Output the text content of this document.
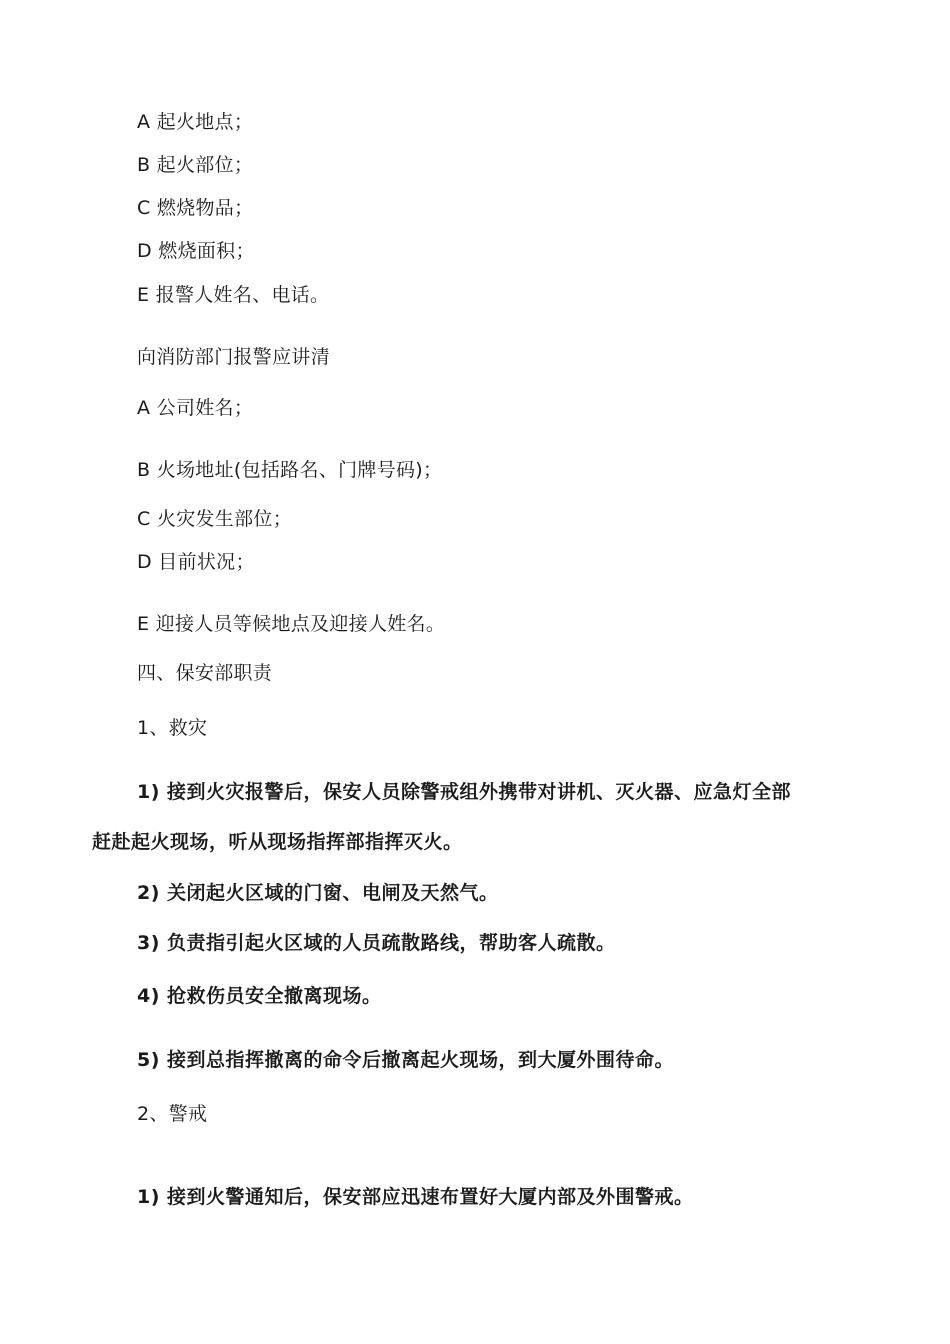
A 起火地点；
B 起火部位；
C 燃烧物品；
D 燃烧面积；
E 报警人姓名、电话。
向消防部门报警应讲清
A 公司姓名；
B 火场地址(包括路名、门牌号码)；
C 火灾发生部位；
D 目前状况；
E 迎接人员等候地点及迎接人姓名。
四、保安部职责
1、救灾
1) 接到火灾报警后，保安人员除警戒组外携带对讲机、灭火器、应急灯全部
赶赴起火现场，听从现场指挥部指挥灭火。
2) 关闭起火区域的门窗、电闸及天然气。
3) 负责指引起火区域的人员疏散路线，帮助客人疏散。
4) 抢救伤员安全撤离现场。
5) 接到总指挥撤离的命令后撤离起火现场，到大厦外围待命。
2、警戒
1) 接到火警通知后，保安部应迅速布置好大厦内部及外围警戒。
